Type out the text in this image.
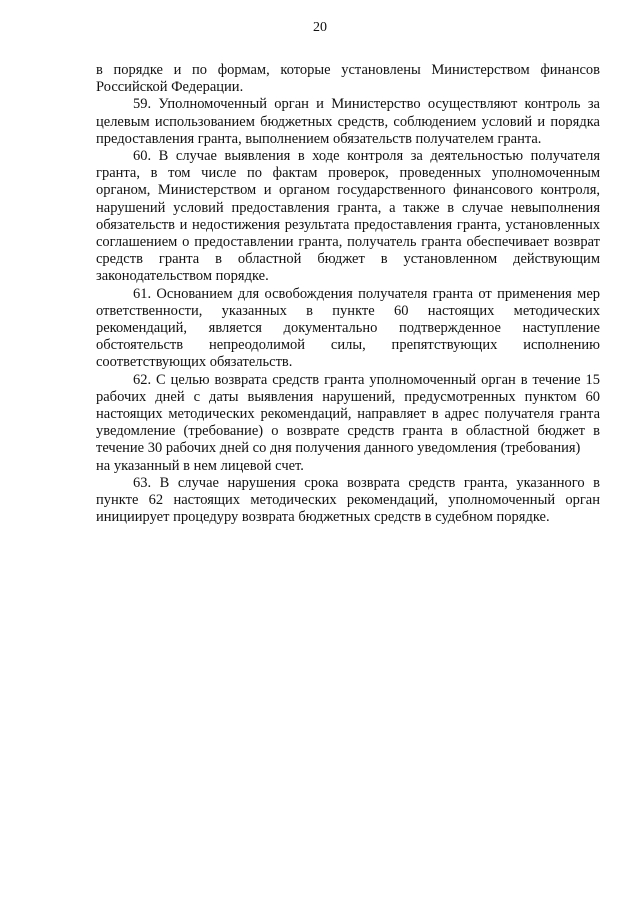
20

в порядке и по формам, которые установлены Министерством финансов Российской Федерации.

59. Уполномоченный орган и Министерство осуществляют контроль за целевым использованием бюджетных средств, соблюдением условий и порядка предоставления гранта, выполнением обязательств получателем гранта.

60. В случае выявления в ходе контроля за деятельностью получателя гранта, в том числе по фактам проверок, проведенных уполномоченным органом, Министерством и органом государственного финансового контроля, нарушений условий предоставления гранта, а также в случае невыполнения обязательств и недостижения результата предоставления гранта, установленных соглашением о предоставлении гранта, получатель гранта обеспечивает возврат средств гранта в областной бюджет в установленном действующим законодательством порядке.

61. Основанием для освобождения получателя гранта от применения мер ответственности, указанных в пункте 60 настоящих методических рекомендаций, является документально подтвержденное наступление обстоятельств непреодолимой силы, препятствующих исполнению соответствующих обязательств.

62. С целью возврата средств гранта уполномоченный орган в течение 15 рабочих дней с даты выявления нарушений, предусмотренных пунктом 60 настоящих методических рекомендаций, направляет в адрес получателя гранта уведомление (требование) о возврате средств гранта в областной бюджет в течение 30 рабочих дней со дня получения данного уведомления (требования)

на указанный в нем лицевой счет.

63. В случае нарушения срока возврата средств гранта, указанного в пункте 62 настоящих методических рекомендаций, уполномоченный орган инициирует процедуру возврата бюджетных средств в судебном порядке.
